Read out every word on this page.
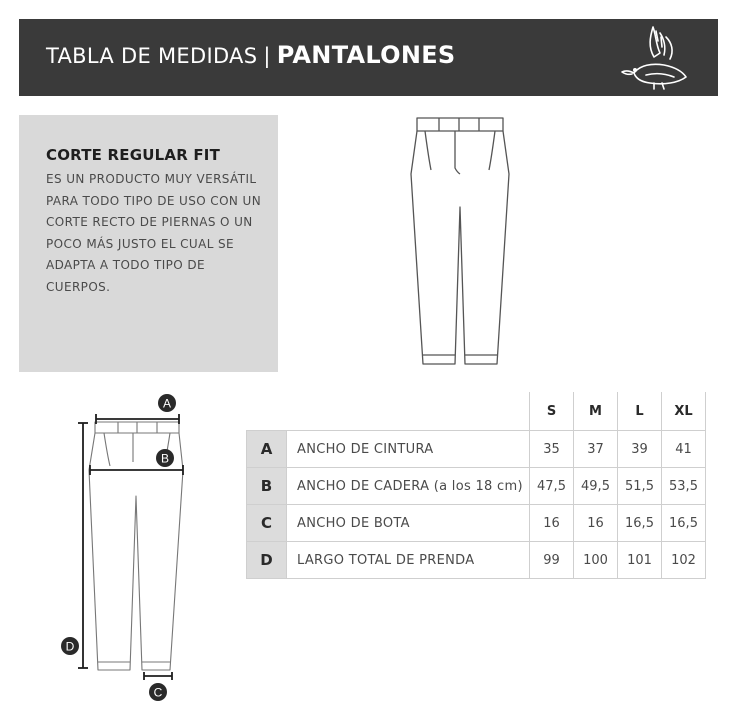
TABLA DE MEDIDAS | PANTALONES
CORTE REGULAR FIT
ES UN PRODUCTO MUY VERSÁTIL PARA TODO TIPO DE USO CON UN CORTE RECTO DE PIERNAS O UN POCO MÁS JUSTO EL CUAL SE ADAPTA A TODO TIPO DE CUERPOS.
A
B
C
D
		S	M	L	XL
A	ANCHO DE CINTURA	35	37	39	41
B	ANCHO DE CADERA (a los 18 cm)	47,5	49,5	51,5	53,5
C	ANCHO DE BOTA	16	16	16,5	16,5
D	LARGO TOTAL DE PRENDA	99	100	101	102
